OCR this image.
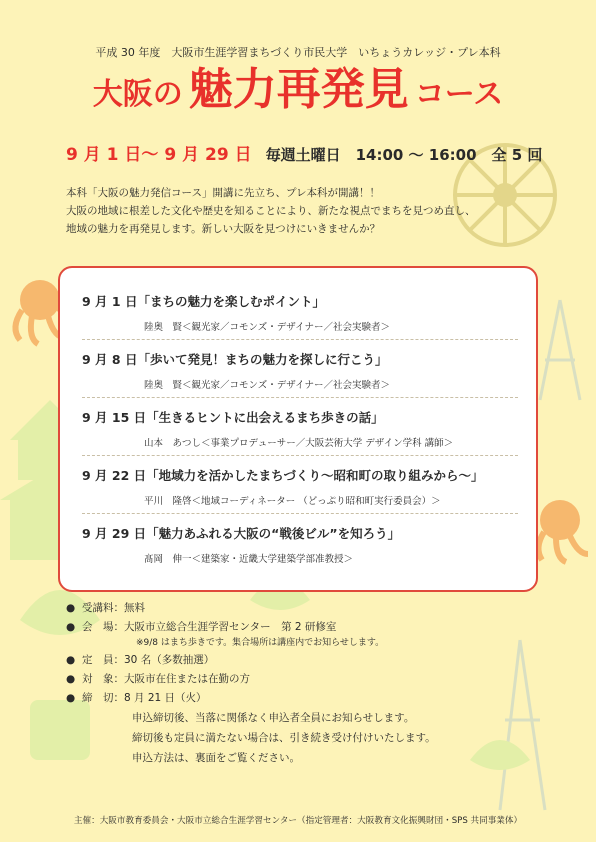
平成 30 年度　大阪市生涯学習まちづくり市民大学　いちょうカレッジ・プレ本科
大阪の 魅力再発見 コース
9 月 1 日〜 9 月 29 日 毎週土曜日　14:00 〜 16:00　全 5 回
本科「大阪の魅力発信コース」開講に先立ち、プレ本科が開講！！
大阪の地域に根差した文化や歴史を知ることにより、新たな視点でまちを見つめ直し、
地域の魅力を再発見します。新しい大阪を見つけにいきませんか？
9 月 1 日「まちの魅力を楽しむポイント」
陸奥　賢＜観光家／コモンズ・デザイナー／社会実験者＞
9 月 8 日「歩いて発見！まちの魅力を探しに行こう」
陸奥　賢＜観光家／コモンズ・デザイナー／社会実験者＞
9 月 15 日「生きるヒントに出会えるまち歩きの話」
山本　あつし＜事業プロデューサー／大阪芸術大学 デザイン学科 講師＞
9 月 22 日「地域力を活かしたまちづくり〜昭和町の取り組みから〜」
平川　隆啓＜地域コーディネーター （どっぷり昭和町実行委員会）＞
9 月 29 日「魅力あふれる大阪の“戦後ビル”を知ろう」
髙岡　伸一＜建築家・近畿大学建築学部准教授＞
● 受講料：無料
● 会　場：大阪市立総合生涯学習センター　第 2 研修室
※9/8 はまち歩きです。集合場所は講座内でお知らせします。
● 定　員：30 名（多数抽選）
● 対　象：大阪市在住または在勤の方
● 締　切：8 月 21 日（火）
申込締切後、当落に関係なく申込者全員にお知らせします。
締切後も定員に満たない場合は、引き続き受け付けいたします。
申込方法は、裏面をご覧ください。
主催：大阪市教育委員会・大阪市立総合生涯学習センター（指定管理者：大阪教育文化振興財団・SPS 共同事業体）
